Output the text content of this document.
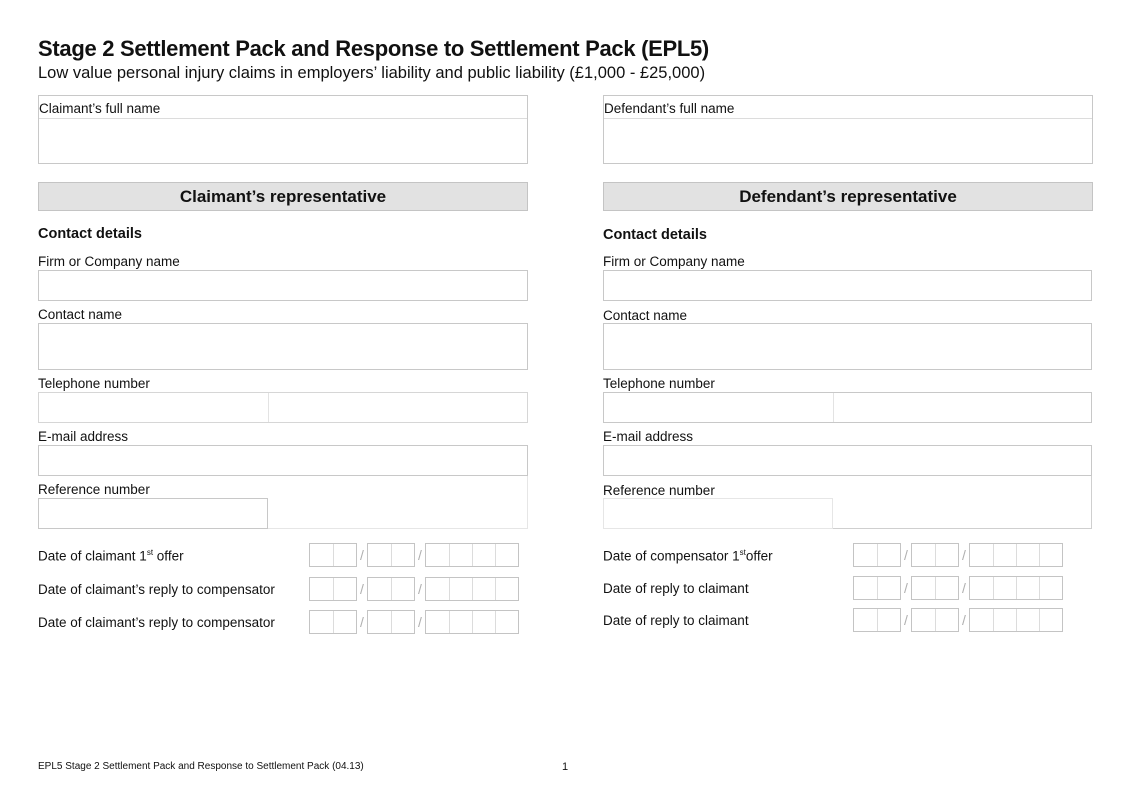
Stage 2 Settlement Pack and Response to Settlement Pack (EPL5)
Low value personal injury claims in employers’ liability and public liability (£1,000 - £25,000)
Claimant’s full name
Claimant’s representative
Contact details
Firm or Company name
Contact name
Telephone number
E-mail address
Reference number
Date of claimant 1st offer	/	/
Date of claimant’s reply to compensator	/	/
Date of claimant’s reply to compensator	/	/
Defendant’s full name
Defendant’s representative
Contact details
Firm or Company name
Contact name
Telephone number
E-mail address
Reference number
Date of compensator 1stoffer	/	/
Date of reply to claimant	/	/
Date of reply to claimant	/	/
EPL5 Stage 2 Settlement Pack and Response to Settlement Pack (04.13)	1
